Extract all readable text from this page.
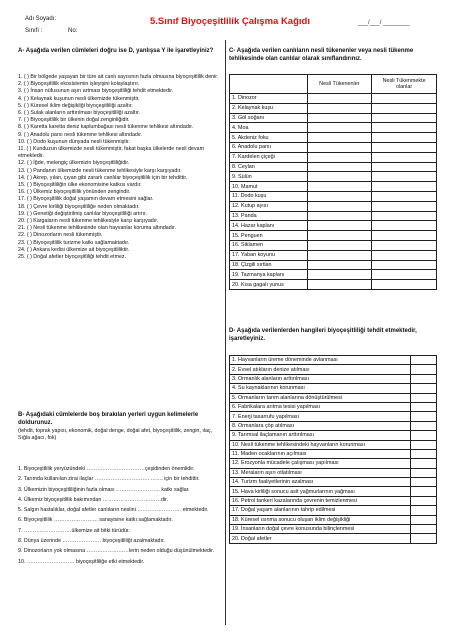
Adı Soyadı:
Sınıfı :	No:
5.Sınıf Biyoçeşitlilik Çalışma Kağıdı	___/___/ ________
A- Aşağıda verilen cümleleri doğru ise D, yanlışsa Y ile işaretleyiniz?

1. ( ) Bir bölgede yaşayan bir türe ait canlı sayısının fazla olmasına biyoçeşitlilik denir.

2. ( ) Biyoçeşitlilik ekosistemin işleyişini kolaylaştırır.

3. ( ) İnsan nüfusunun aşırı artması biyoçeşitliliği tehdit etmektedir.

4. ( ) Kelaynak kuşunun nesli ülkemizde tükenmiştir.

5. ( ) Küresel iklim değişikliği biyoçeşitliliği azaltır.

6. ( ) Sulak alanların arttırılması biyoçeşitliliği azaltır.

7. ( ) Biyoçeşitlilik bir ülkenin doğal zenginliğidir.

8. ( ) Karetta karetta deniz kaplumbağası nesli tükenme tehlikesi altındadır.

9. ( ) Anadolu parsı nesli tükenme tehlikesi altındadır.

10. ( ) Dodo kuşunun dünyada nesli tükenmiştir.

11. ( ) Kunduzun ülkemizde nesli tükenmiştir, fakat başka ülkelerde nesli devam etmektedir.

12. ( ) İğde, melengiç ülkemizin biyoçeşitliliğidir.

13. ( ) Pandanın ülkemizde nesli tükenme tehlikesiyle karşı karşıyadır.

14. ( ) Akrep, yılan, çıyan gibi zararlı canlılar biyoçeşitlilik için bir tehdittir.

15. ( ) Biyoçeşitliliğin ülke ekonomisine katkısı vardır.

16. ( ) Ülkemiz biyoçeşitlilik yönünden zengindir.

17. ( ) Biyoçeşitlilik doğal yaşamın devam etmesini sağlar.

18. ( ) Çevre kirliliği biyoçeşitliliğe neden olmaktadır.

19. ( ) Genetiği değiştirilmiş canlılar biyoçeşitliliği artırır.

20. ( ) Kargaların nesli tükenme tehlikesiyle karşı karşıyadır.

21. ( ) Nesli tükenme tehlikesinde olan hayvanlar koruma altındadır.

22. ( ) Dinozorların nesli tükenmiştir.

23. ( ) Biyoçeşitlilik turizme katkı sağlamaktadır.

24. ( ) Ankara kedisi ülkemize ait biyoçeşitliliktir.

25. ( ) Doğal afetler biyoçeşitliliği tehdit etmez.

B- Aşağıdaki cümlelerde boş bırakılan yerleri uygun kelimelerle doldurunuz.
(tehdit, toprak yapısı, ekonomik, doğal denge, doğal afet, biyoçeşitlilik, zengin, ılaç, Sığla ağacı, fok)

1. Biyoçeşitlilik yeryüzündeki ……………………………çeşidinden önemlidir.

2. Tarımda kullanılan zirai ilaçlar …………………………. ……. için bir tehdittir.

3. Ülkemizin biyoçeşitliliğinin fazla olması ……………………. katkı sağlar.

4. Ülkemiz biyoçeşitlilik bakımından ……………………………dir.

5. Salgın hastalıklar, doğal afetler canlıların neslini ……………………. etmektedir.

6. Biyoçeşitlilik ……………………. sanayisine katkı sağlamaktadır.

7. ………………………ülkemize ait bitki türüdür.

8. Dünya üzerinde …………………. biyoçeşitliliği azalmaktadır.

9. Dinozorların yok olmasına ……………………lerin neden olduğu düşünülmektedir.

10. ……………………… biyoçeşitliliğe etki etmektedir.

C- Aşağıda verilen canlıların nesli tükenenler veya nesli tükenme tehlikesinde olan canlılar olarak sınıflandırınız.
	Nesli Tükenenler	Nesli Tükenmekte olanlar
1. Dinozor		
2. Kelaynak kuşu		
3. Göl soğanı		
4. Moa		
5. Akdeniz foku		
6. Anadolu parsı		
7. Kardelen çiçeği		
8. Ceylan		
9. Sülün		
10. Mamut		
11. Dodo kuşu		
12. Kutup ayısı		
13. Panda		
14. Hazar kaplanı		
15. Penguen		
16. Siklamen		
17. Yaban koyunu		
18. Çizgili sırtlan		
19. Tazmanya kaplanı		
20. Kısa gagalı yunus		
D- Aşağıda verilenlerden hangileri biyoçeşitliliği tehdit etmektedir, işaretleyiniz.
1. Hayvanların üreme döneminde avlanması	
2. Evsel atıkların denize atılması	
3. Ormanlık alanların arttırılması	
4. Su kaynaklarının korunması	
5. Ormanların tarım alanlarına dönüştürülmesi	
6. Fabrikalara arıtma tesisi yapılması	
7. Enerji tasarrufu yapılması	
8. Ormanlara çöp atılması	
9. Tarımsal ilaçlamanın arttırılması	
10. Nesli tükenme tehlikesindeki hayvanların korunması	
11. Maden ocaklarının açılması	
12. Erozyonla mücadele çalışması yapılması	
13. Meraların aşırı otlatılması	
14. Turizm faaliyetlerinin azalması	
15. Hava kirliliği sonucu asit yağmurlarının yağması	
16. Petrol tankeri kazalarında çevrenin temizlenmesi	
17. Doğal yaşam alanlarının tahrip edilmesi	
18. Küresel ısınma sonucu oluşan iklim değişikliği	
19. İnsanların doğal çevre konusunda bilinçlenmesi	
20. Doğal afetler	
